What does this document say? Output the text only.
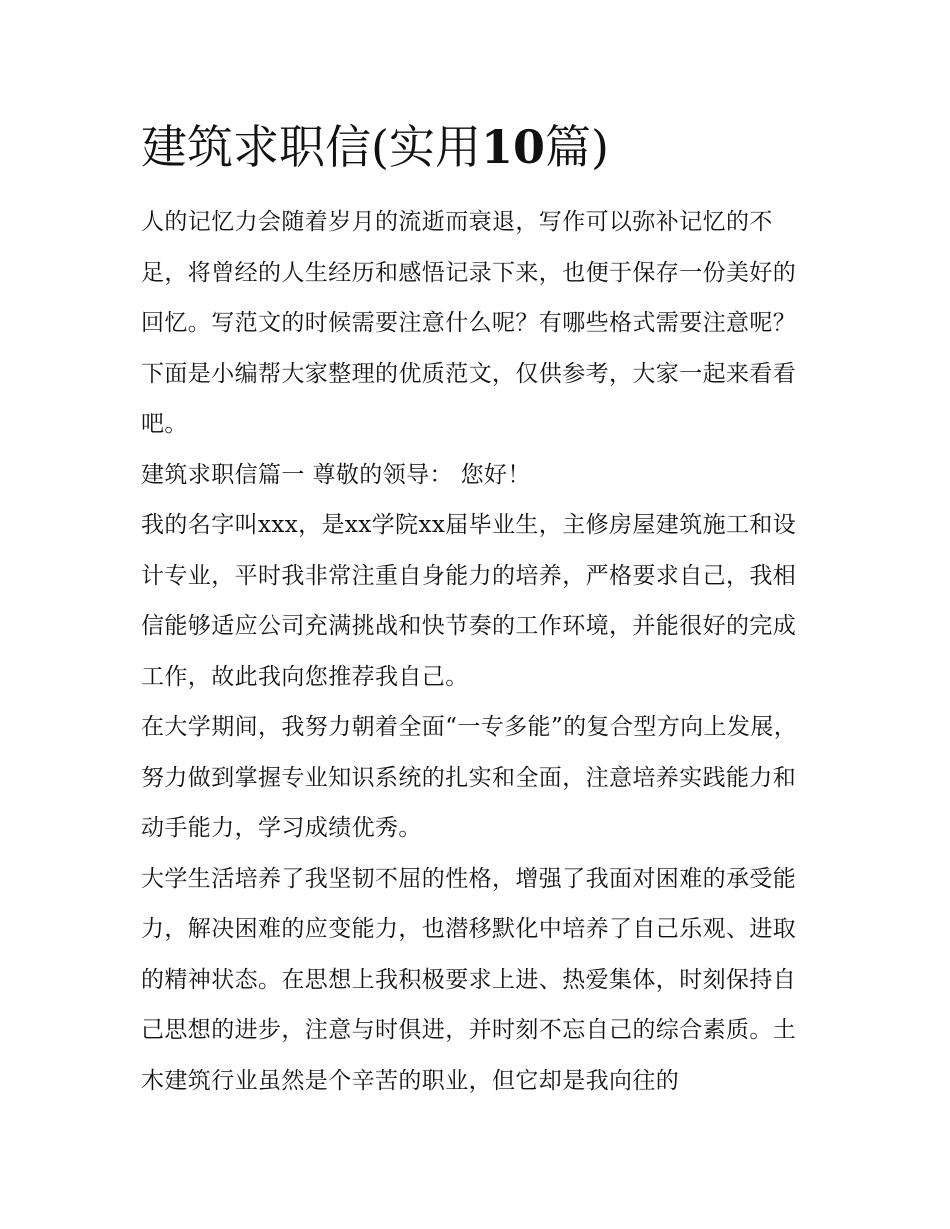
建筑求职信(实用10篇)

人的记忆力会随着岁月的流逝而衰退，写作可以弥补记忆的不足，将曾经的人生经历和感悟记录下来，也便于保存一份美好的回忆。写范文的时候需要注意什么呢？有哪些格式需要注意呢？下面是小编帮大家整理的优质范文，仅供参考，大家一起来看看吧。

建筑求职信篇一 尊敬的领导： 您好！

我的名字叫xxx，是xx学院xx届毕业生，主修房屋建筑施工和设计专业，平时我非常注重自身能力的培养，严格要求自己，我相信能够适应公司充满挑战和快节奏的工作环境，并能很好的完成工作，故此我向您推荐我自己。

在大学期间，我努力朝着全面“一专多能”的复合型方向上发展，努力做到掌握专业知识系统的扎实和全面，注意培养实践能力和动手能力，学习成绩优秀。

大学生活培养了我坚韧不屈的性格，增强了我面对困难的承受能力，解决困难的应变能力，也潜移默化中培养了自己乐观、进取的精神状态。在思想上我积极要求上进、热爱集体，时刻保持自己思想的进步，注意与时俱进，并时刻不忘自己的综合素质。土木建筑行业虽然是个辛苦的职业，但它却是我向往的
